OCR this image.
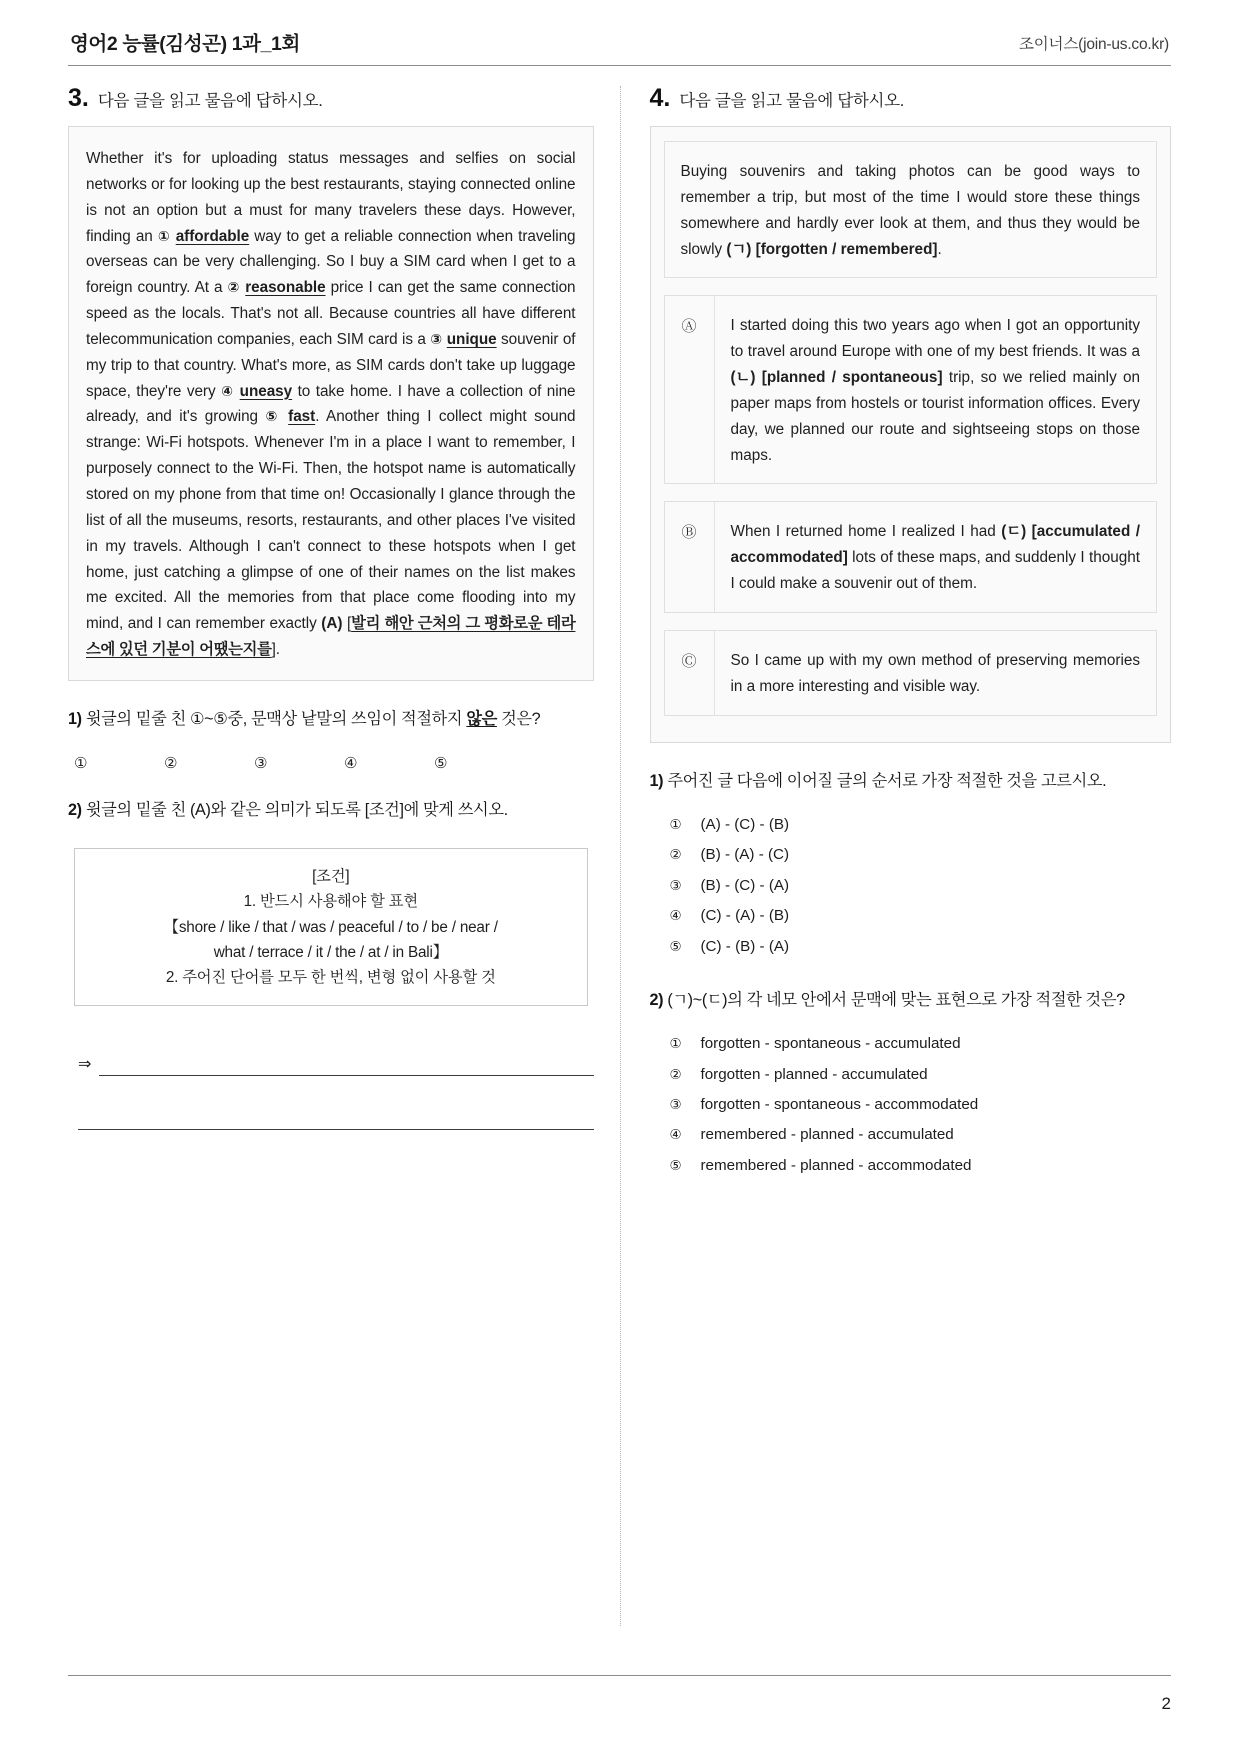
영어2 능률(김성곤) 1과_1회	조이너스(join-us.co.kr)
3. 다음 글을 읽고 물음에 답하시오.
Whether it's for uploading status messages and selfies on social networks or for looking up the best restaurants, staying connected online is not an option but a must for many travelers these days. However, finding an ① affordable way to get a reliable connection when traveling overseas can be very challenging. So I buy a SIM card when I get to a foreign country. At a ② reasonable price I can get the same connection speed as the locals. That's not all. Because countries all have different telecommunication companies, each SIM card is a ③ unique souvenir of my trip to that country. What's more, as SIM cards don't take up luggage space, they're very ④ uneasy to take home. I have a collection of nine already, and it's growing ⑤ fast. Another thing I collect might sound strange: Wi-Fi hotspots. Whenever I'm in a place I want to remember, I purposely connect to the Wi-Fi. Then, the hotspot name is automatically stored on my phone from that time on! Occasionally I glance through the list of all the museums, resorts, restaurants, and other places I've visited in my travels. Although I can't connect to these hotspots when I get home, just catching a glimpse of one of their names on the list makes me excited. All the memories from that place come flooding into my mind, and I can remember exactly (A) [발리 해안 근처의 그 평화로운 테라스에 있던 기분이 어땠는지를].
1) 윗글의 밑줄 친 ①~⑤중, 문맥상 낱말의 쓰임이 적절하지 않은 것은?
①	②	③	④	⑤
2) 윗글의 밑줄 친 (A)와 같은 의미가 되도록 [조건]에 맞게 쓰시오.
[조건]
1. 반드시 사용해야 할 표현
【shore / like / that / was / peaceful / to / be / near /
what / terrace / it / the / at / in Bali】
2. 주어진 단어를 모두 한 번씩, 변형 없이 사용할 것
⇒
4. 다음 글을 읽고 물음에 답하시오.
Buying souvenirs and taking photos can be good ways to remember a trip, but most of the time I would store these things somewhere and hardly ever look at them, and thus they would be slowly (ㄱ) [forgotten / remembered].
Ⓐ	I started doing this two years ago when I got an opportunity to travel around Europe with one of my best friends. It was a (ㄴ) [planned / spontaneous] trip, so we relied mainly on paper maps from hostels or tourist information offices. Every day, we planned our route and sightseeing stops on those maps.
Ⓑ	When I returned home I realized I had (ㄷ) [accumulated / accommodated] lots of these maps, and suddenly I thought I could make a souvenir out of them.
Ⓒ	So I came up with my own method of preserving memories in a more interesting and visible way.
1) 주어진 글 다음에 이어질 글의 순서로 가장 적절한 것을 고르시오.
① (A) - (C) - (B)
② (B) - (A) - (C)
③ (B) - (C) - (A)
④ (C) - (A) - (B)
⑤ (C) - (B) - (A)
2) (ㄱ)~(ㄷ)의 각 네모 안에서 문맥에 맞는 표현으로 가장 적절한 것은?
① forgotten - spontaneous - accumulated
② forgotten - planned - accumulated
③ forgotten - spontaneous - accommodated
④ remembered - planned - accumulated
⑤ remembered - planned - accommodated
2
